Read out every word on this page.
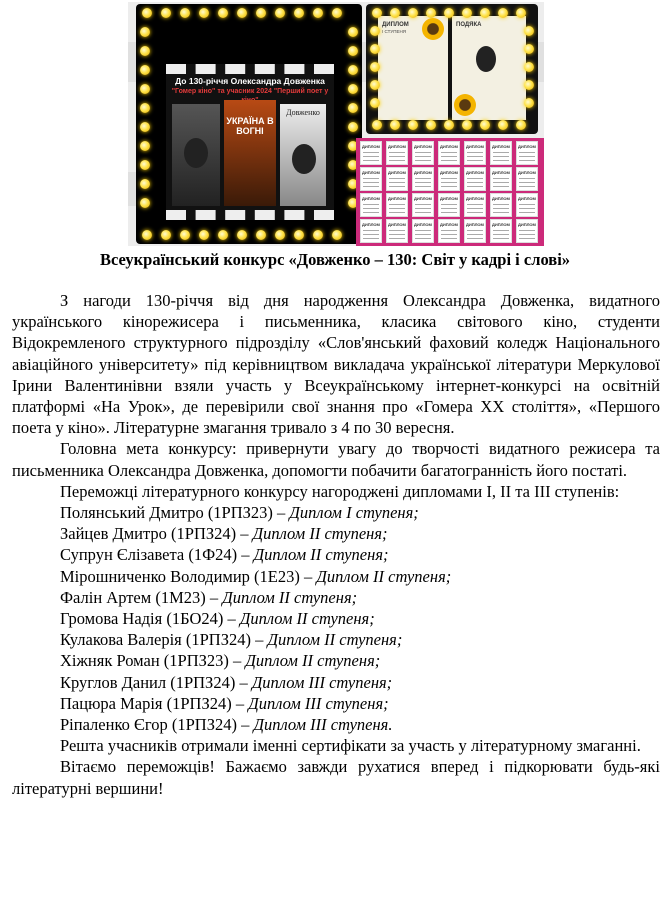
До 130-річчя Олександра Довженка
"Гомер кіно" та учасник 2024 "Перший поет у
УКРАЇНА В ВОГНІ
Довженко
ДИПЛОМ
I СТУПЕНЯ
ПОДЯКА
ДИПЛОМ ДИПЛОМ ДИПЛОМ ДИПЛОМ ДИПЛОМ ДИПЛОМ ДИПЛОМ
ДИПЛОМ ДИПЛОМ ДИПЛОМ ДИПЛОМ ДИПЛОМ ДИПЛОМ ДИПЛОМ
ДИПЛОМ ДИПЛОМ ДИПЛОМ ДИПЛОМ ДИПЛОМ ДИПЛОМ ДИПЛОМ
ДИПЛОМ ДИПЛОМ ДИПЛОМ ДИПЛОМ ДИПЛОМ ДИПЛОМ ДИПЛОМ
Всеукраїнський конкурс «Довженко – 130: Світ у кадрі і слові»

З нагоди 130-річчя від дня народження Олександра Довженка, видатного українського кінорежисера і письменника, класика світового кіно, студенти Відокремленого структурного підрозділу «Слов'янський фаховий коледж Національного авіаційного університету» під керівництвом викладача української літератури Меркулової Ірини Валентинівни взяли участь у Всеукраїнському інтернет-конкурсі на освітній платформі «На Урок», де перевірили свої знання про «Гомера ХХ століття», «Першого поета у кіно». Літературне змагання тривало з 4 по 30 вересня.

Головна мета конкурсу: привернути увагу до творчості видатного режисера та письменника Олександра Довженка, допомогти побачити багатогранність його постаті.

Переможці літературного конкурсу нагороджені дипломами І, ІІ та ІІІ ступенів:

Полянський Дмитро (1РПЗ23) – Диплом І ступеня;
Зайцев Дмитро (1РПЗ24) – Диплом ІІ ступеня;
Супрун Єлізавета (1Ф24) – Диплом ІІ ступеня;
Мірошниченко Володимир (1Е23) – Диплом ІІ ступеня;
Фалін Артем (1М23) – Диплом ІІ ступеня;
Громова Надія (1БО24) – Диплом ІІ ступеня;
Кулакова Валерія (1РПЗ24) – Диплом ІІ ступеня;
Хіжняк Роман (1РПЗ23) – Диплом ІІ ступеня;
Круглов Данил (1РПЗ24) – Диплом ІІІ ступеня;
Пацюра Марія (1РПЗ24) – Диплом ІІІ ступеня;
Ріпаленко Єгор (1РПЗ24) – Диплом ІІІ ступеня.

Решта учасників отримали іменні сертифікати за участь у літературному змаганні.

Вітаємо переможців! Бажаємо завжди рухатися вперед і підкорювати будь-які літературні вершини!
